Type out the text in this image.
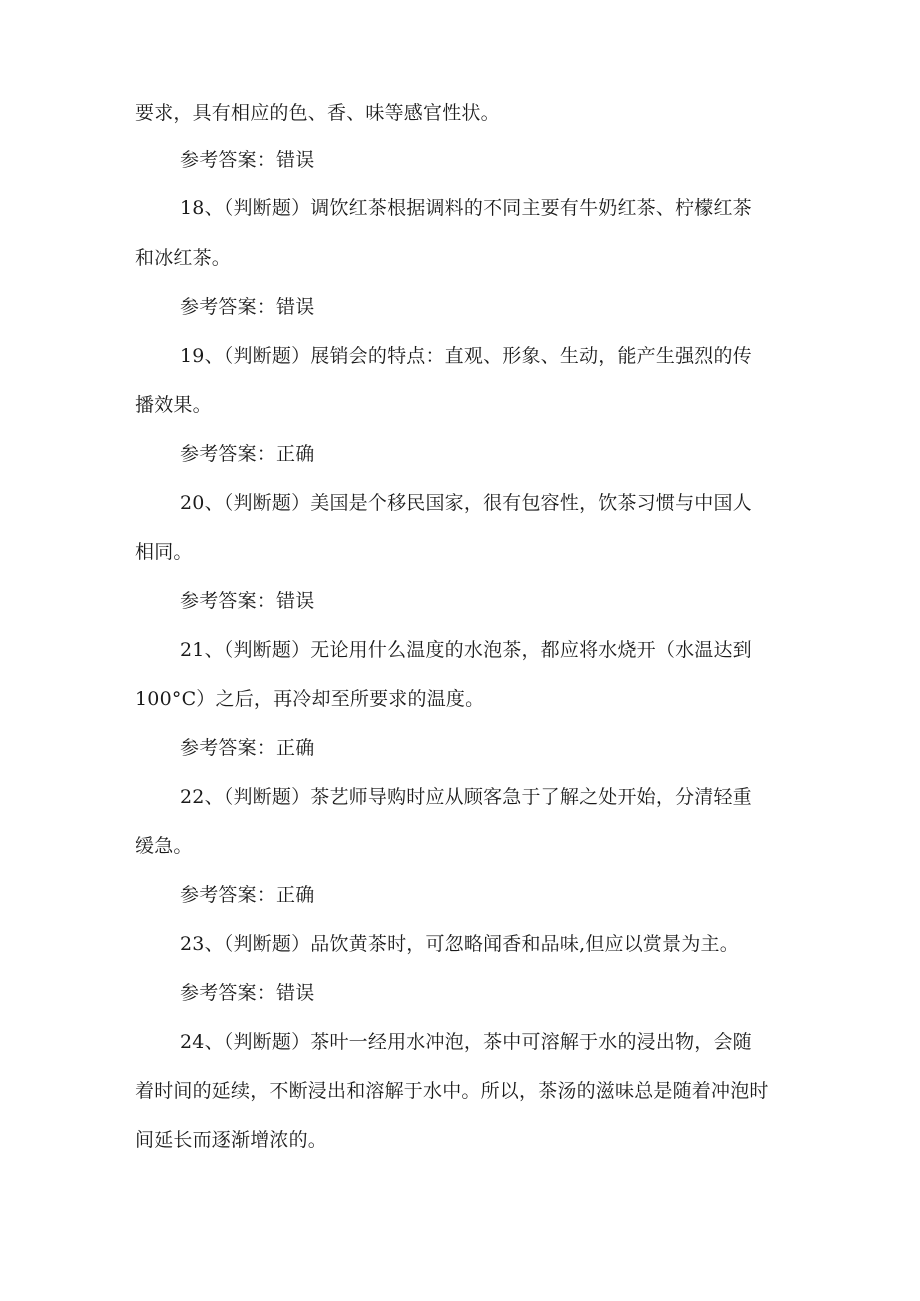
要求，具有相应的色、香、味等感官性状。
参考答案：错误
18、（判断题）调饮红茶根据调料的不同主要有牛奶红茶、柠檬红茶
和冰红茶。
参考答案：错误
19、（判断题）展销会的特点：直观、形象、生动，能产生强烈的传
播效果。
参考答案：正确
20、（判断题）美国是个移民国家，很有包容性，饮茶习惯与中国人
相同。
参考答案：错误
21、（判断题）无论用什么温度的水泡茶，都应将水烧开（水温达到
100°C）之后，再冷却至所要求的温度。
参考答案：正确
22、（判断题）茶艺师导购时应从顾客急于了解之处开始，分清轻重
缓急。
参考答案：正确
23、（判断题）品饮黄茶时，可忽略闻香和品味,但应以赏景为主。
参考答案：错误
24、（判断题）茶叶一经用水冲泡，茶中可溶解于水的浸出物，会随
着时间的延续，不断浸出和溶解于水中。所以，茶汤的滋味总是随着冲泡时
间延长而逐渐增浓的。
